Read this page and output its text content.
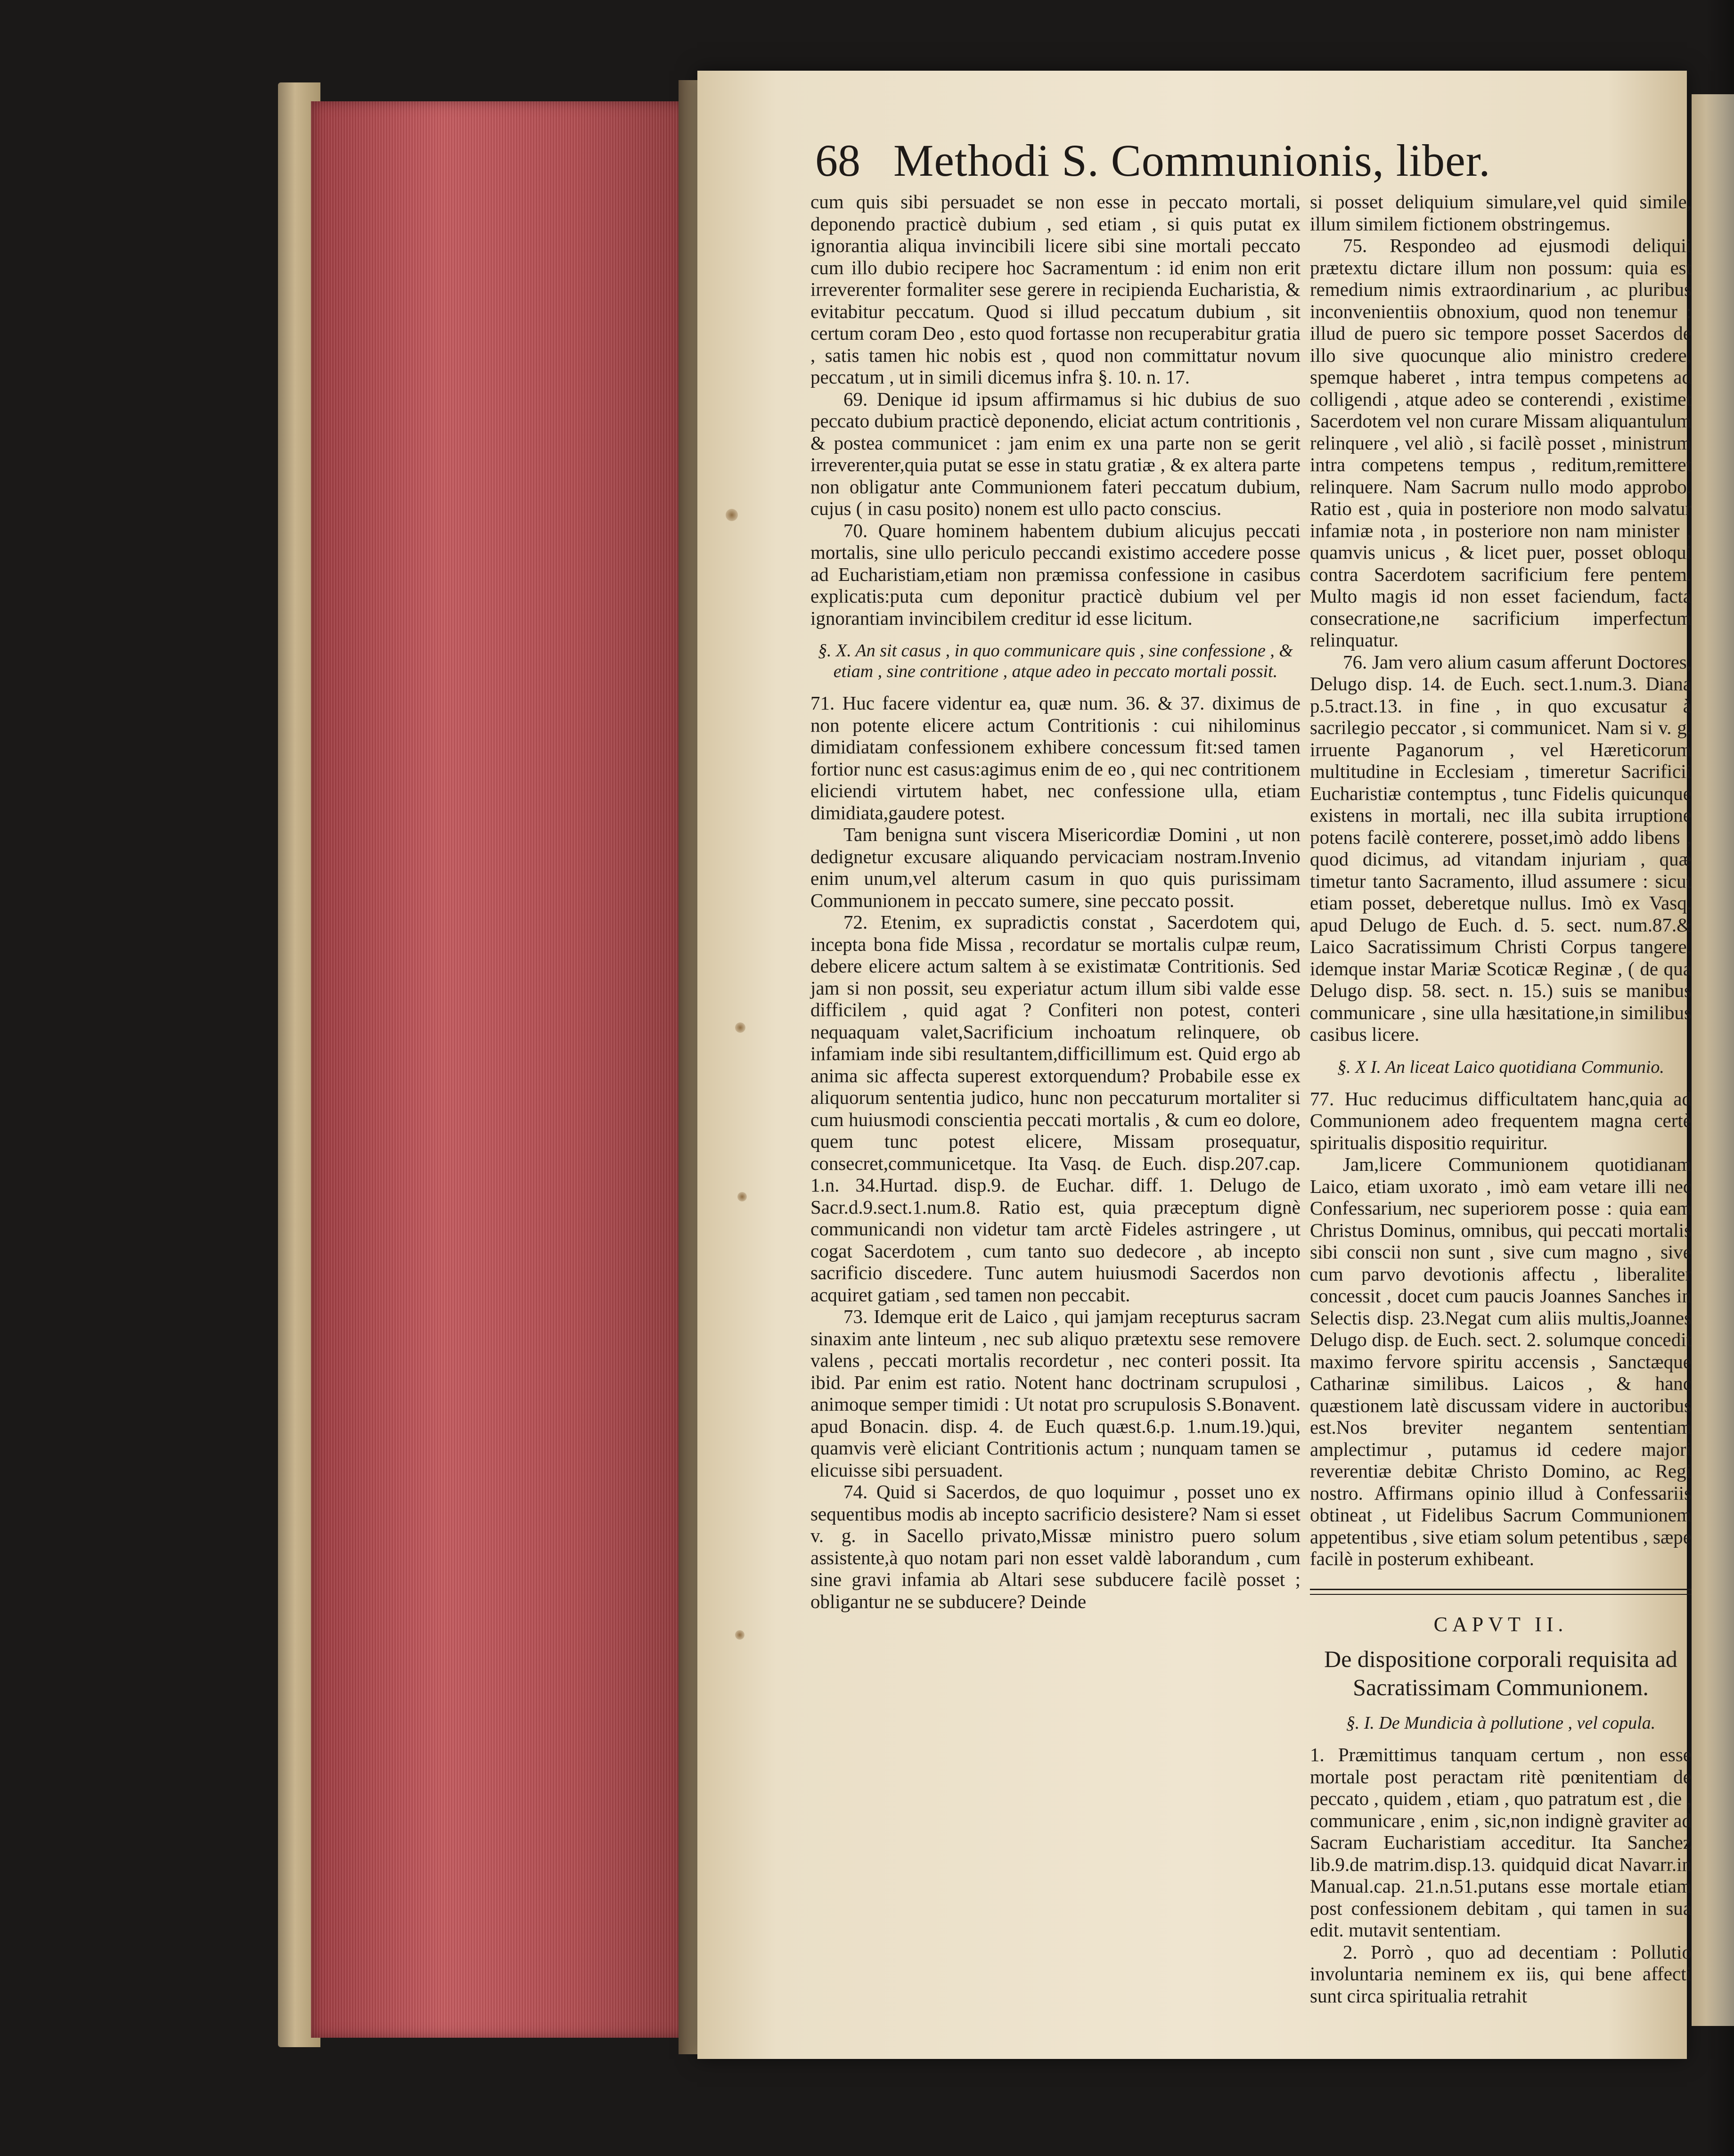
68 Methodi S. Communionis, liber.

cum quis sibi persuadet se non esse in peccato mortali, deponendo practicè dubium , sed etiam , si quis putat ex ignorantia aliqua invincibili licere sibi sine mortali peccato cum illo dubio recipere hoc Sacramentum : id enim non erit irreverenter formaliter sese gerere in recipienda Eucharistia, & evitabitur peccatum. Quod si illud peccatum dubium , sit certum coram Deo , esto quod fortasse non recuperabitur gratia , satis tamen hic nobis est , quod non committatur novum peccatum , ut in simili dicemus infra §. 10. n. 17.

69. Denique id ipsum affirmamus si hic dubius de suo peccato dubium practicè deponendo, eliciat actum contritionis , & postea communicet : jam enim ex una parte non se gerit irreverenter,quia putat se esse in statu gratiæ , & ex altera parte non obligatur ante Communionem fateri peccatum dubium, cujus ( in casu posito) nonem est ullo pacto conscius.

70. Quare hominem habentem dubium alicujus peccati mortalis, sine ullo periculo peccandi existimo accedere posse ad Eucharistiam,etiam non præmissa confessione in casibus explicatis:puta cum deponitur practicè dubium vel per ignorantiam invincibilem creditur id esse licitum.

§. X. An sit casus , in quo communicare quis , sine confessione , & etiam , sine contritione , atque adeo in peccato mortali possit.

71. Huc facere videntur ea, quæ num. 36. & 37. diximus de non potente elicere actum Contritionis : cui nihilominus dimidiatam confessionem exhibere concessum fit:sed tamen fortior nunc est casus:agimus enim de eo , qui nec contritionem eliciendi virtutem habet, nec confessione ulla, etiam dimidiata,gaudere potest.

Tam benigna sunt viscera Misericordiæ Domini , ut non dedignetur excusare aliquando pervicaciam nostram.Invenio enim unum,vel alterum casum in quo quis purissimam Communionem in peccato sumere, sine peccato possit.

72. Etenim, ex supradictis constat , Sacerdotem qui, incepta bona fide Missa , recordatur se mortalis culpæ reum, debere elicere actum saltem à se existimatæ Contritionis. Sed jam si non possit, seu experiatur actum illum sibi valde esse difficilem , quid agat ? Confiteri non potest, conteri nequaquam valet,Sacrificium inchoatum relinquere, ob infamiam inde sibi resultantem,difficillimum est. Quid ergo ab anima sic affecta superest extorquendum? Probabile esse ex aliquorum sententia judico, hunc non peccaturum mortaliter si cum huiusmodi conscientia peccati mortalis , & cum eo dolore, quem tunc potest elicere, Missam prosequatur, consecret,communicetque. Ita Vasq. de Euch. disp.207.cap. 1.n. 34.Hurtad. disp.9. de Euchar. diff. 1. Delugo de Sacr.d.9.sect.1.num.8. Ratio est, quia præceptum dignè communicandi non videtur tam arctè Fideles astringere , ut cogat Sacerdotem , cum tanto suo dedecore , ab incepto sacrificio discedere. Tunc autem huiusmodi Sacerdos non acquiret gatiam , sed tamen non peccabit.

73. Idemque erit de Laico , qui jamjam recepturus sacram sinaxim ante linteum , nec sub aliquo prætextu sese removere valens , peccati mortalis recordetur , nec conteri possit. Ita ibid. Par enim est ratio. Notent hanc doctrinam scrupulosi , animoque semper timidi : Ut notat pro scrupulosis S.Bonavent. apud Bonacin. disp. 4. de Euch quæst.6.p. 1.num.19.)qui, quamvis verè eliciant Contritionis actum ; nunquam tamen se elicuisse sibi persuadent.

74. Quid si Sacerdos, de quo loquimur , posset uno ex sequentibus modis ab incepto sacrificio desistere? Nam si esset v. g. in Sacello privato,Missæ ministro puero solum assistente,à quo notam pari non esset valdè laborandum , cum sine gravi infamia ab Altari sese subducere facilè posset ; obligantur ne se subducere? Deinde

si posset deliquium simulare,vel quid simile, illum similem fictionem obstringemus.

75. Respondeo ad ejusmodi deliquii prætextu dictare illum non possum: quia est remedium nimis extraordinarium , ac pluribus inconvenientiis obnoxium, quod non tenemur : illud de puero sic tempore posset Sacerdos de illo sive quocunque alio ministro credere, spemque haberet , intra tempus competens ad colligendi , atque adeo se conterendi , existimet Sacerdotem vel non curare Missam aliquantulum relinquere , vel aliò , si facilè posset , ministrum intra competens tempus , reditum,remitteret relinquere. Nam Sacrum nullo modo approbo. Ratio est , quia in posteriore non modo salvatur infamiæ nota , in posteriore non nam minister , quamvis unicus , & licet puer, posset obloqui contra Sacerdotem sacrificium fere pentem. Multo magis id non esset faciendum, facta consecratione,ne sacrificium imperfectum relinquatur.

76. Jam vero alium casum afferunt Doctores, Delugo disp. 14. de Euch. sect.1.num.3. Diana p.5.tract.13. in fine , in quo excusatur à sacrilegio peccator , si communicet. Nam si v. g. irruente Paganorum , vel Hæreticorum multitudine in Ecclesiam , timeretur Sacrificii Eucharistiæ contemptus , tunc Fidelis quicunque existens in mortali, nec illa subita irruptione potens facilè conterere, posset,imò addo libens , quod dicimus, ad vitandam injuriam , quæ timetur tanto Sacramento, illud assumere : sicut etiam posset, deberetque nullus. Imò ex Vasq. apud Delugo de Euch. d. 5. sect. num.87.& Laico Sacratissimum Christi Corpus tangere, idemque instar Mariæ Scoticæ Reginæ , ( de qua Delugo disp. 58. sect. n. 15.) suis se manibus communicare , sine ulla hæsitatione,in similibus casibus licere.

§. X I. An liceat Laico quotidiana Communio.

77. Huc reducimus difficultatem hanc,quia ad Communionem adeo frequentem magna certè spiritualis dispositio requiritur.

Jam,licere Communionem quotidianam Laico, etiam uxorato , imò eam vetare illi nec Confessarium, nec superiorem posse : quia eam Christus Dominus, omnibus, qui peccati mortalis sibi conscii non sunt , sive cum magno , sive cum parvo devotionis affectu , liberaliter concessit , docet cum paucis Joannes Sanches in Selectis disp. 23.Negat cum aliis multis,Joannes Delugo disp. de Euch. sect. 2. solumque concedit maximo fervore spiritu accensis , Sanctæque Catharinæ similibus. Laicos , & hanc quæstionem latè discussam videre in auctoribus est.Nos breviter negantem sententiam amplectimur , putamus id cedere majori reverentiæ debitæ Christo Domino, ac Regi nostro. Affirmans opinio illud à Confessariis obtineat , ut Fidelibus Sacrum Communionem appetentibus , sive etiam solum petentibus , sæpe facilè in posterum exhibeant.

CAPVT II.
De dispositione corporali requisita ad Sacratissimam Communionem.
§. I. De Mundicia à pollutione , vel copula.

1. Præmittimus tanquam certum , non esse mortale post peractam ritè pœnitentiam de peccato , quidem , etiam , quo patratum est , die , communicare , enim , sic,non indignè graviter ad Sacram Eucharistiam acceditur. Ita Sanchez lib.9.de matrim.disp.13. quidquid dicat Navarr.in Manual.cap. 21.n.51.putans esse mortale etiam post confessionem debitam , qui tamen in sua edit. mutavit sententiam.

2. Porrò , quo ad decentiam : Pollutio involuntaria neminem ex iis, qui bene affecti sunt circa spiritualia retrahit
